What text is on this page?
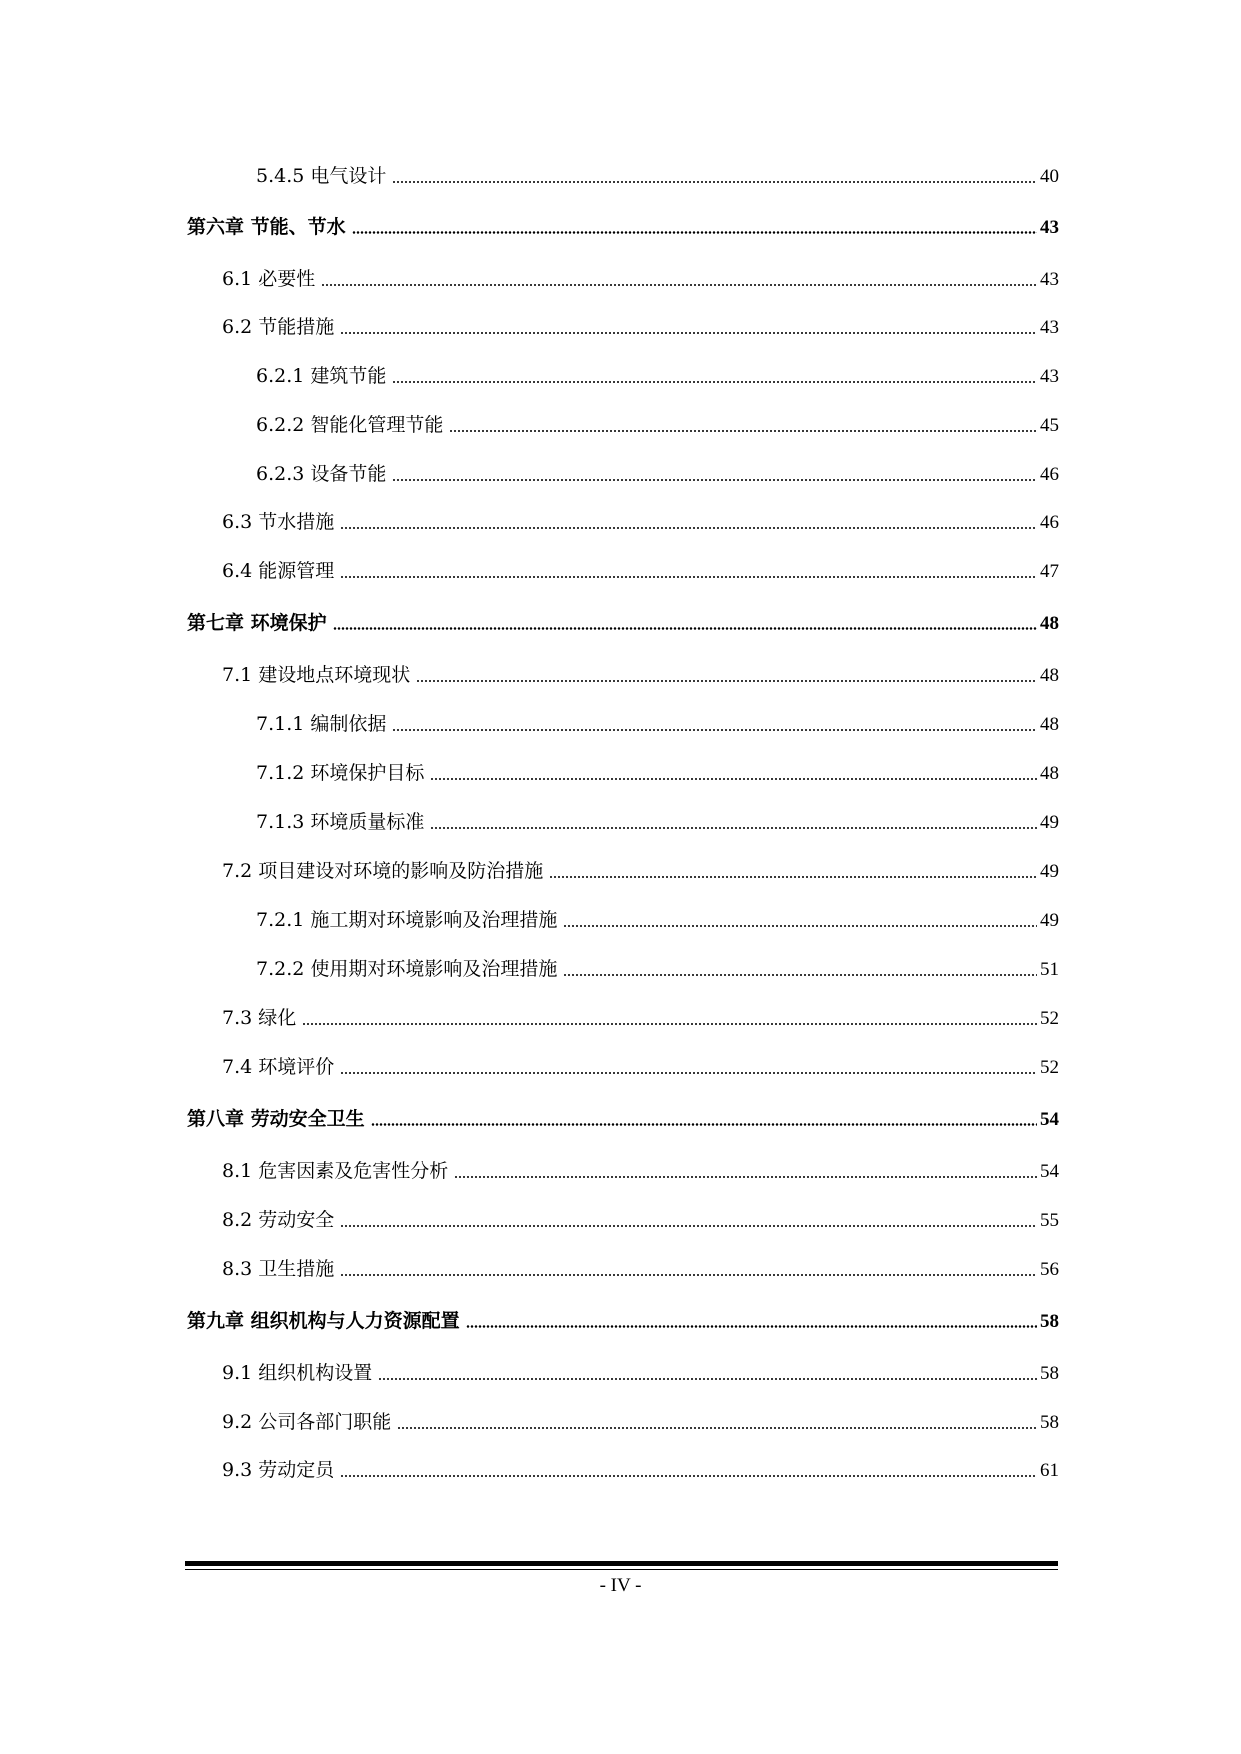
5.4.5 电气设计	40
第六章 节能、节水	43
6.1 必要性	43
6.2 节能措施	43
6.2.1 建筑节能	43
6.2.2 智能化管理节能	45
6.2.3 设备节能	46
6.3 节水措施	46
6.4 能源管理	47
第七章 环境保护	48
7.1 建设地点环境现状	48
7.1.1 编制依据	48
7.1.2 环境保护目标	48
7.1.3 环境质量标准	49
7.2 项目建设对环境的影响及防治措施	49
7.2.1 施工期对环境影响及治理措施	49
7.2.2 使用期对环境影响及治理措施	51
7.3 绿化	52
7.4 环境评价	52
第八章 劳动安全卫生	54
8.1 危害因素及危害性分析	54
8.2 劳动安全	55
8.3 卫生措施	56
第九章 组织机构与人力资源配置	58
9.1 组织机构设置	58
9.2 公司各部门职能	58
9.3 劳动定员	61
- IV -
